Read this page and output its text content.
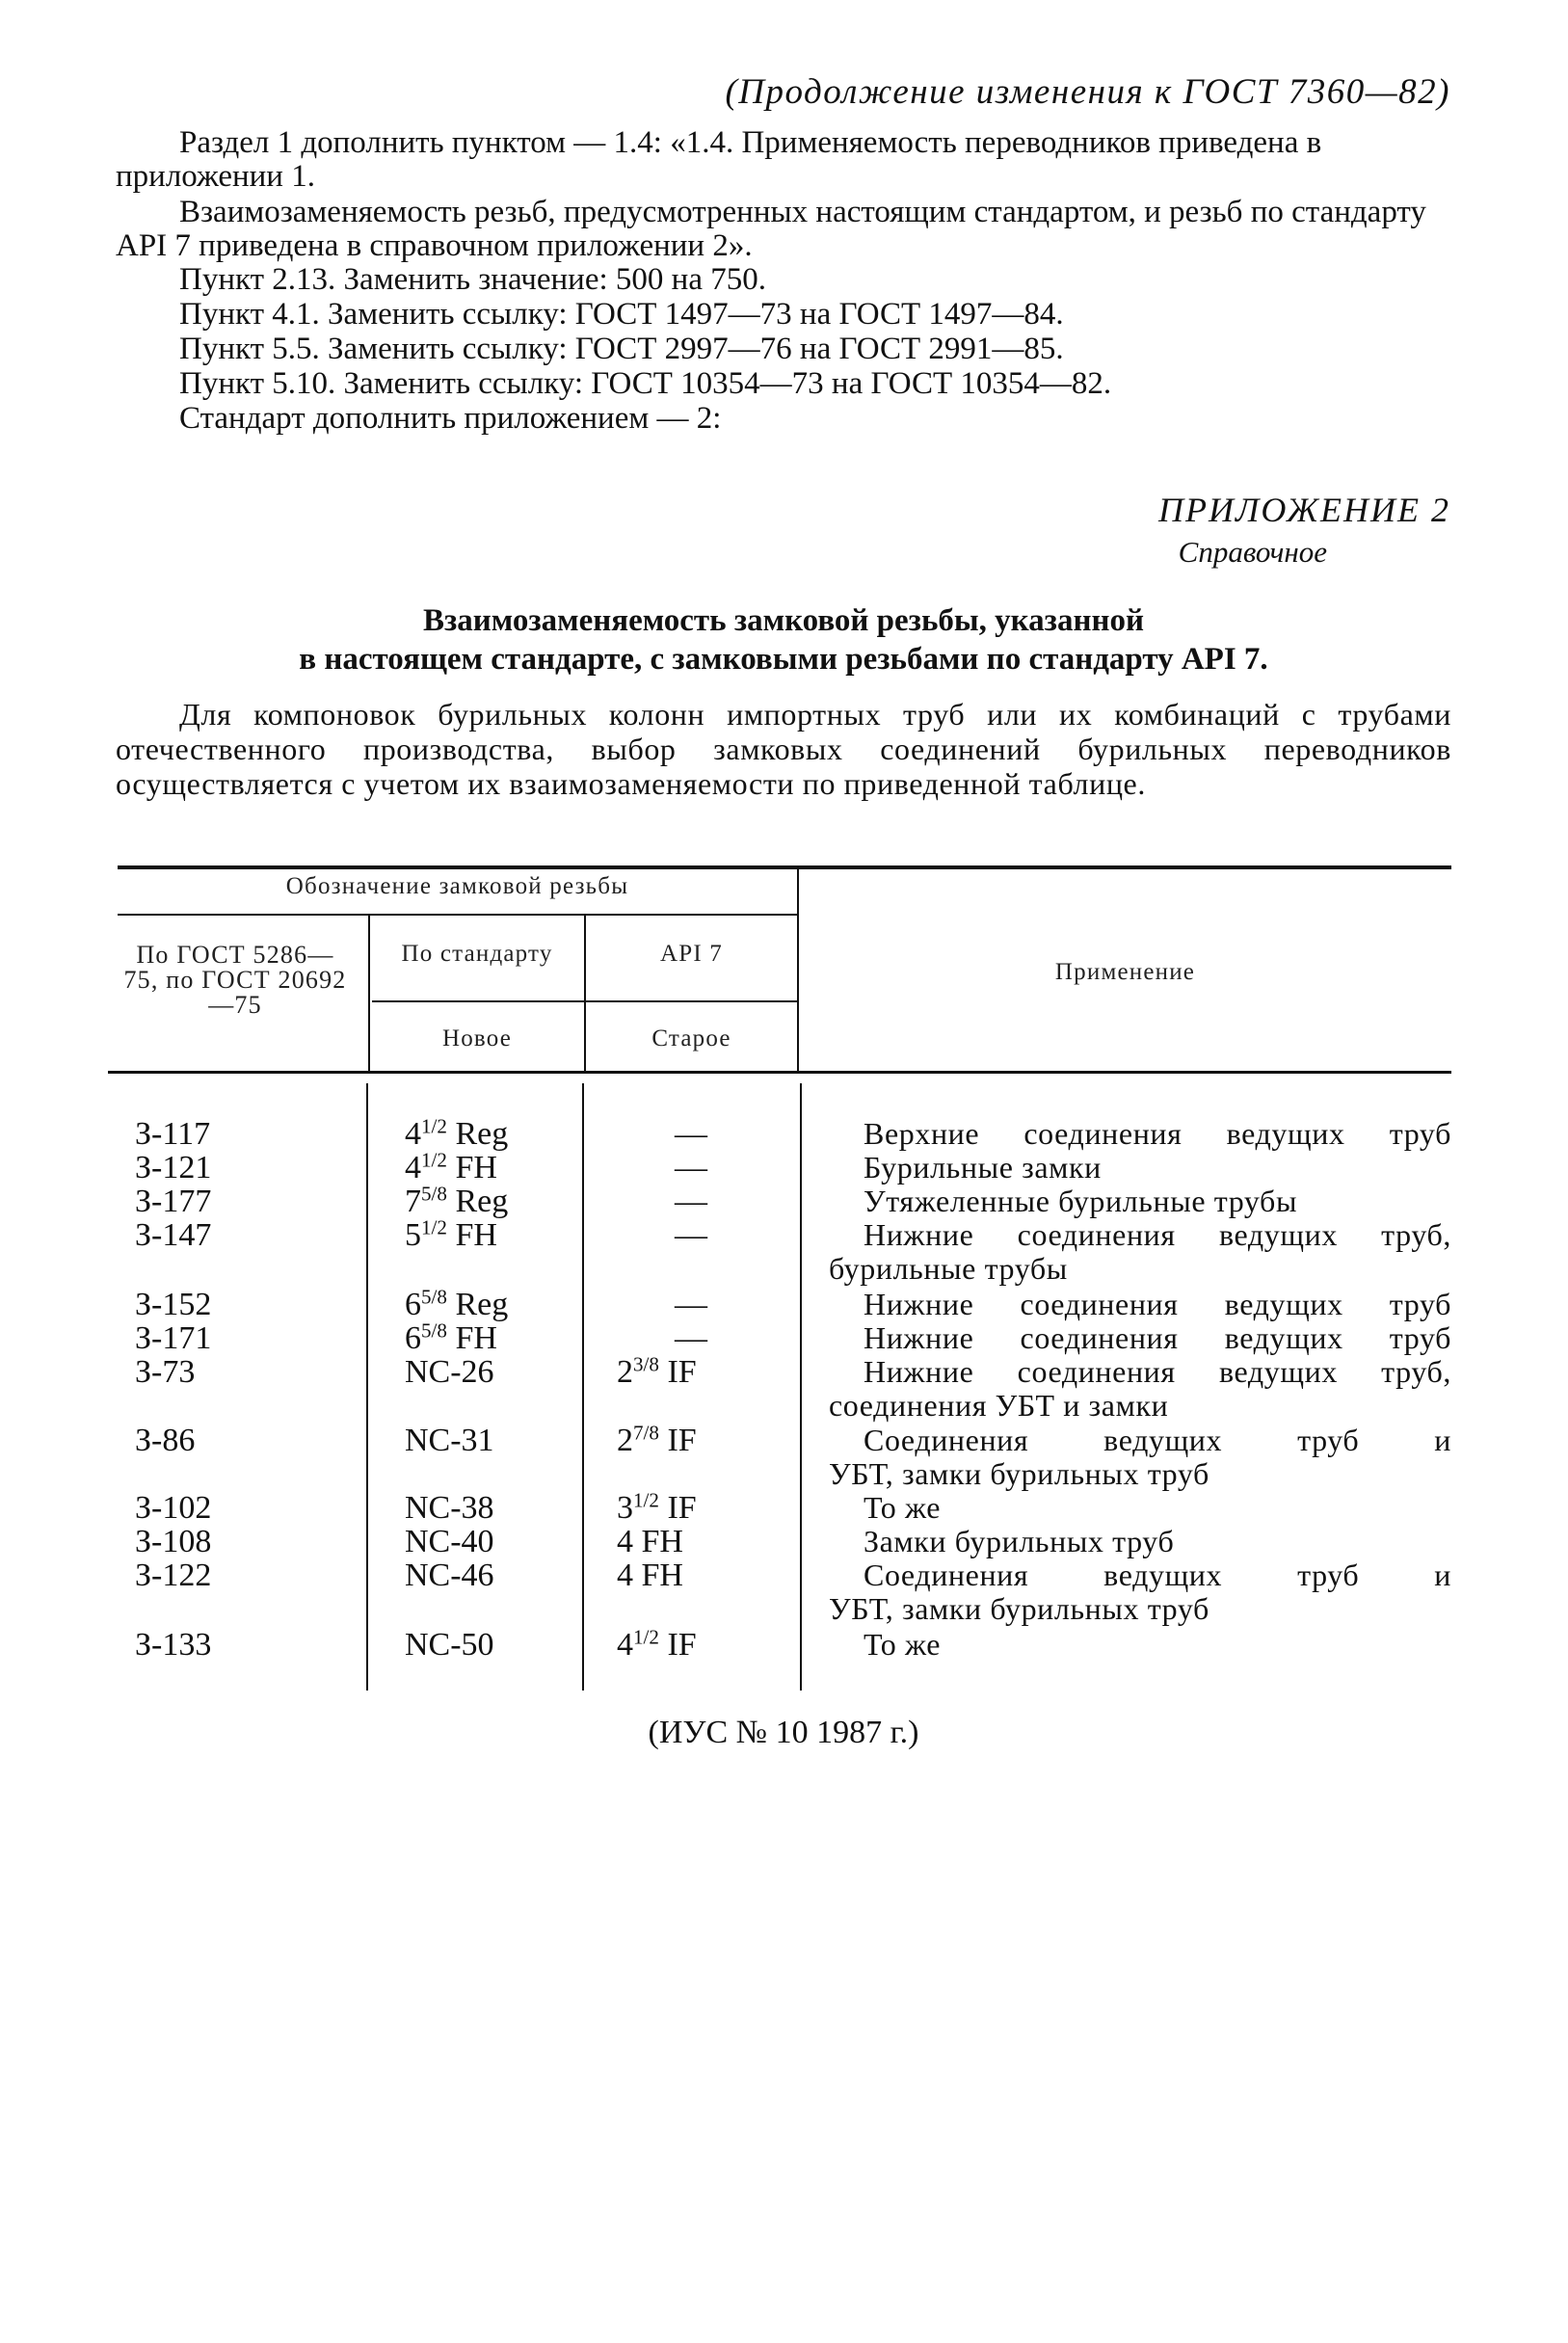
(Продолжение изменения к ГОСТ 7360—82)

Раздел 1 дополнить пунктом — 1.4: «1.4. Применяемость переводников приведена в приложении 1.

Взаимозаменяемость резьб, предусмотренных настоящим стандартом, и резьб по стандарту API 7 приведена в справочном приложении 2».

Пункт 2.13. Заменить значение: 500 на 750.

Пункт 4.1. Заменить ссылку: ГОСТ 1497—73 на ГОСТ 1497—84.

Пункт 5.5. Заменить ссылку: ГОСТ 2997—76 на ГОСТ 2991—85.

Пункт 5.10. Заменить ссылку: ГОСТ 10354—73 на ГОСТ 10354—82.

Стандарт дополнить приложением — 2:

ПРИЛОЖЕНИЕ 2
Справочное
Взаимозаменяемость замковой резьбы, указанной
в настоящем стандарте, с замковыми резьбами по стандарту API 7.
Для компоновок бурильных колонн импортных труб или их комбинаций с трубами отечественного производства, выбор замковых соединений бурильных переводников осуществляется с учетом их взаимозаменяемости по приведенной таблице.
Обозначение замковой резьбы
По ГОСТ 5286—75, по ГОСТ 20692—75
По стандарту	API 7
Новое	Старое
Применение
З-117	$4^{1/2}$ Reg	—	Верхние соединения ведущих труб
З-121	$4^{1/2}$ FH	—	Бурильные замки
З-177	$7^{5/8}$ Reg	—	Утяжеленные бурильные трубы
З-147	$5^{1/2}$ FH	—	Нижние соединения ведущих труб,
бурильные трубы
З-152	$6^{5/8}$ Reg	—	Нижние соединения ведущих труб
З-171	$6^{5/8}$ FH	—	Нижние соединения ведущих труб
З-73	NC-26	$2^{3/8}$ IF	Нижние соединения ведущих труб,
соединения УБТ и замки
З-86	NC-31	$2^{7/8}$ IF	Соединения ведущих труб и
УБТ, замки бурильных труб
З-102	NC-38	$3^{1/2}$ IF	То же
З-108	NC-40	4 FH	Замки бурильных труб
З-122	NC-46	4 FH	Соединения ведущих труб и
УБТ, замки бурильных труб
З-133	NC-50	$4^{1/2}$ IF	То же
(ИУС № 10 1987 г.)
